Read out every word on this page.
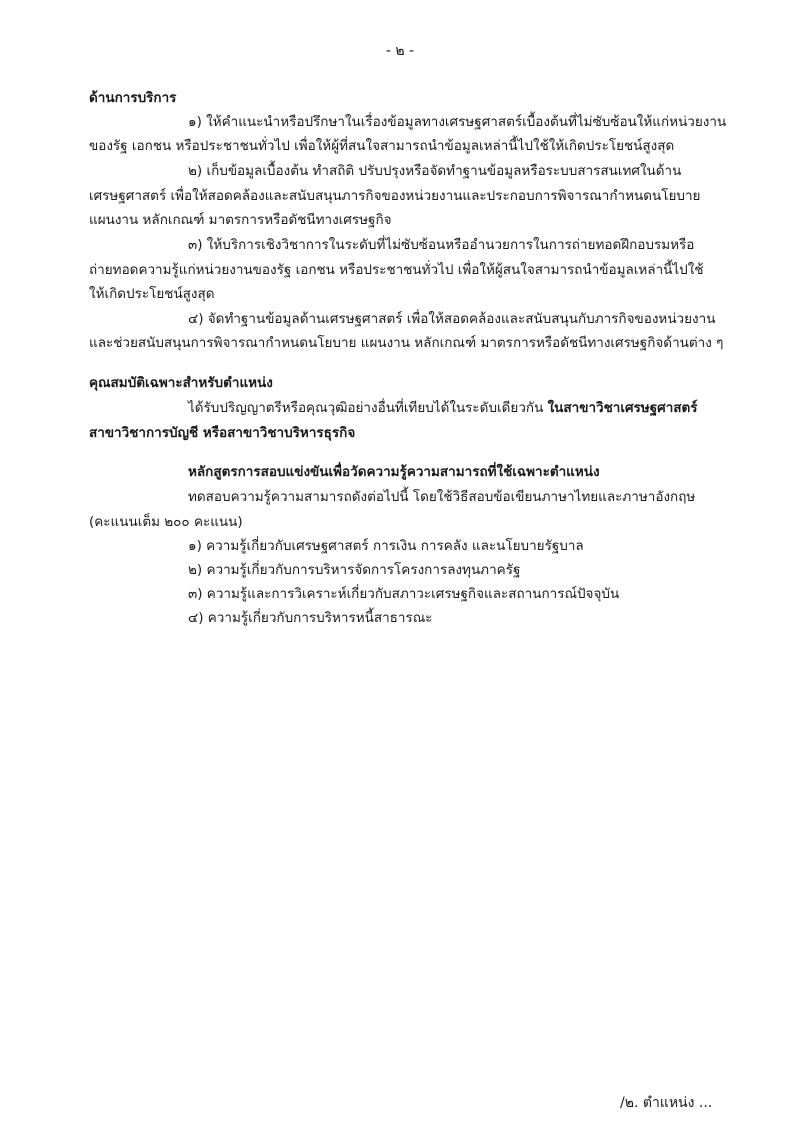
- ๒ -
ด้านการบริการ
๑) ให้คำแนะนำหรือปรึกษาในเรื่องข้อมูลทางเศรษฐศาสตร์เบื้องต้นที่ไม่ซับซ้อนให้แก่หน่วยงาน
ของรัฐ เอกชน หรือประชาชนทั่วไป เพื่อให้ผู้ที่สนใจสามารถนำข้อมูลเหล่านี้ไปใช้ให้เกิดประโยชน์สูงสุด
๒) เก็บข้อมูลเบื้องต้น ทำสถิติ ปรับปรุงหรือจัดทำฐานข้อมูลหรือระบบสารสนเทศในด้าน
เศรษฐศาสตร์ เพื่อให้สอดคล้องและสนับสนุนภารกิจของหน่วยงานและประกอบการพิจารณากำหนดนโยบาย
แผนงาน หลักเกณฑ์ มาตรการหรือดัชนีทางเศรษฐกิจ
๓) ให้บริการเชิงวิชาการในระดับที่ไม่ซับซ้อนหรืออำนวยการในการถ่ายทอดฝึกอบรมหรือ
ถ่ายทอดความรู้แก่หน่วยงานของรัฐ เอกชน หรือประชาชนทั่วไป เพื่อให้ผู้สนใจสามารถนำข้อมูลเหล่านี้ไปใช้
ให้เกิดประโยชน์สูงสุด
๔) จัดทำฐานข้อมูลด้านเศรษฐศาสตร์ เพื่อให้สอดคล้องและสนับสนุนกับภารกิจของหน่วยงาน
และช่วยสนับสนุนการพิจารณากำหนดนโยบาย แผนงาน หลักเกณฑ์ มาตรการหรือดัชนีทางเศรษฐกิจด้านต่าง ๆ
คุณสมบัติเฉพาะสำหรับตำแหน่ง
ได้รับปริญญาตรีหรือคุณวุฒิอย่างอื่นที่เทียบได้ในระดับเดียวกัน ในสาขาวิชาเศรษฐศาสตร์
สาขาวิชาการบัญชี หรือสาขาวิชาบริหารธุรกิจ
หลักสูตรการสอบแข่งขันเพื่อวัดความรู้ความสามารถที่ใช้เฉพาะตำแหน่ง
ทดสอบความรู้ความสามารถดังต่อไปนี้ โดยใช้วิธีสอบข้อเขียนภาษาไทยและภาษาอังกฤษ
(คะแนนเต็ม ๒๐๐ คะแนน)
๑) ความรู้เกี่ยวกับเศรษฐศาสตร์ การเงิน การคลัง และนโยบายรัฐบาล
๒) ความรู้เกี่ยวกับการบริหารจัดการโครงการลงทุนภาครัฐ
๓) ความรู้และการวิเคราะห์เกี่ยวกับสภาวะเศรษฐกิจและสถานการณ์ปัจจุบัน
๔) ความรู้เกี่ยวกับการบริหารหนี้สาธารณะ
/๒. ตำแหน่ง ...
